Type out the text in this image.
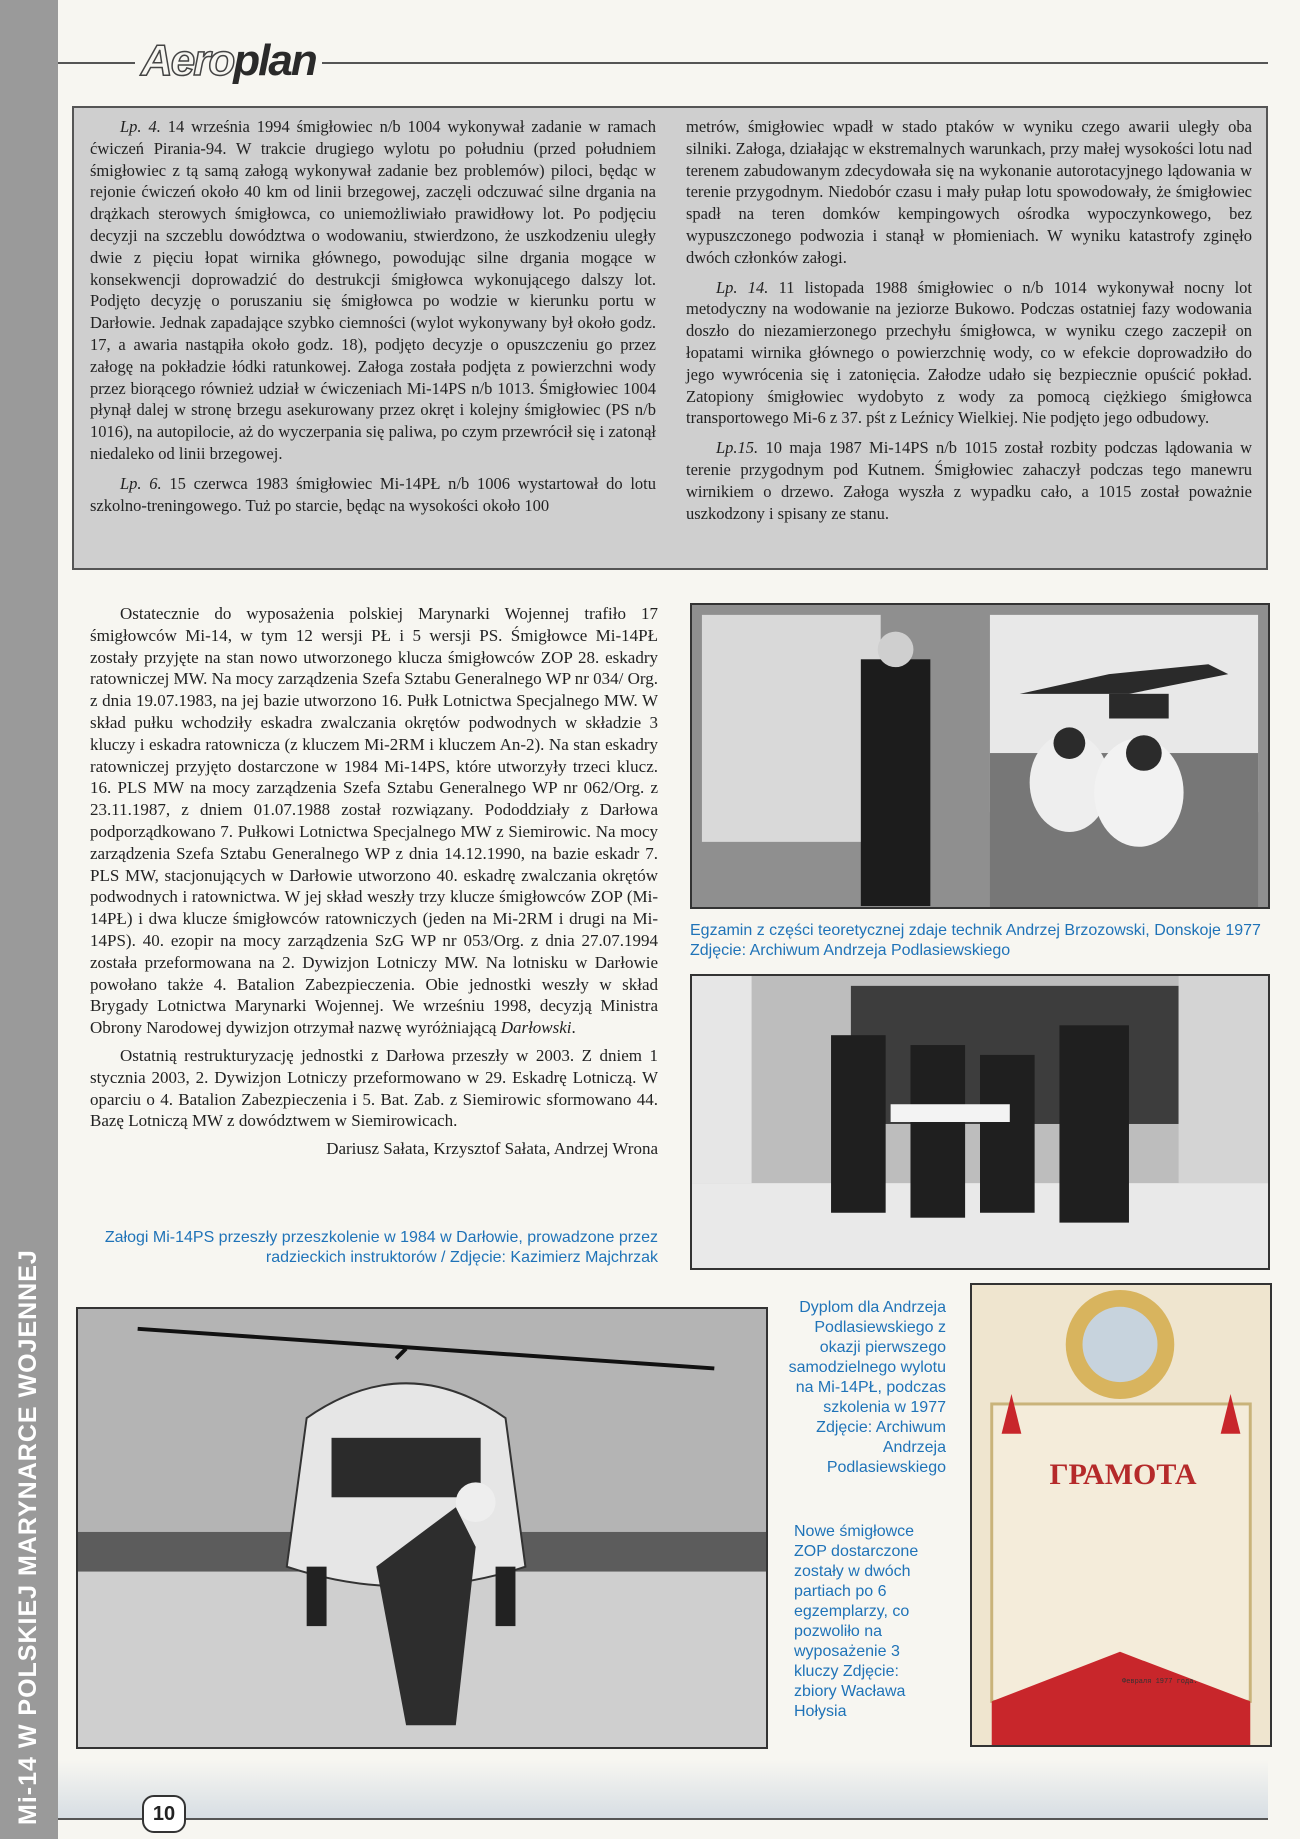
Mi-14 W POLSKIEJ MARYNARCE WOJENNEJ
Aeroplan

Lp. 4. 14 września 1994 śmigłowiec n/b 1004 wykonywał zadanie w ramach ćwiczeń Pirania-94. W trakcie drugiego wylotu po południu (przed południem śmigłowiec z tą samą załogą wykonywał zadanie bez problemów) piloci, będąc w rejonie ćwiczeń około 40 km od linii brzegowej, zaczęli odczuwać silne drgania na drążkach sterowych śmigłowca, co uniemożliwiało prawidłowy lot. Po podjęciu decyzji na szczeblu dowództwa o wodowaniu, stwierdzono, że uszkodzeniu uległy dwie z pięciu łopat wirnika głównego, powodując silne drgania mogące w konsekwencji doprowadzić do destrukcji śmigłowca wykonującego dalszy lot. Podjęto decyzję o poruszaniu się śmigłowca po wodzie w kierunku portu w Darłowie. Jednak zapadające szybko ciemności (wylot wykonywany był około godz. 17, a awaria nastąpiła około godz. 18), podjęto decyzje o opuszczeniu go przez załogę na pokładzie łódki ratunkowej. Załoga została podjęta z powierzchni wody przez biorącego również udział w ćwiczeniach Mi-14PS n/b 1013. Śmigłowiec 1004 płynął dalej w stronę brzegu asekurowany przez okręt i kolejny śmigłowiec (PS n/b 1016), na autopilocie, aż do wyczerpania się paliwa, po czym przewrócił się i zatonął niedaleko od linii brzegowej.

Lp. 6. 15 czerwca 1983 śmigłowiec Mi-14PŁ n/b 1006 wystartował do lotu szkolno-treningowego. Tuż po starcie, będąc na wysokości około 100

metrów, śmigłowiec wpadł w stado ptaków w wyniku czego awarii uległy oba silniki. Załoga, działając w ekstremalnych warunkach, przy małej wysokości lotu nad terenem zabudowanym zdecydowała się na wykonanie autorotacyjnego lądowania w terenie przygodnym. Niedobór czasu i mały pułap lotu spowodowały, że śmigłowiec spadł na teren domków kempingowych ośrodka wypoczynkowego, bez wypuszczonego podwozia i stanął w płomieniach. W wyniku katastrofy zginęło dwóch członków załogi.

Lp. 14. 11 listopada 1988 śmigłowiec o n/b 1014 wykonywał nocny lot metodyczny na wodowanie na jeziorze Bukowo. Podczas ostatniej fazy wodowania doszło do niezamierzonego przechyłu śmigłowca, w wyniku czego zaczepił on łopatami wirnika głównego o powierzchnię wody, co w efekcie doprowadziło do jego wywrócenia się i zatonięcia. Załodze udało się bezpiecznie opuścić pokład. Zatopiony śmigłowiec wydobyto z wody za pomocą ciężkiego śmigłowca transportowego Mi-6 z 37. pśt z Leźnicy Wielkiej. Nie podjęto jego odbudowy.

Lp.15. 10 maja 1987 Mi-14PS n/b 1015 został rozbity podczas lądowania w terenie przygodnym pod Kutnem. Śmigłowiec zahaczył podczas tego manewru wirnikiem o drzewo. Załoga wyszła z wypadku cało, a 1015 został poważnie uszkodzony i spisany ze stanu.

Ostatecznie do wyposażenia polskiej Marynarki Wojennej trafiło 17 śmigłowców Mi-14, w tym 12 wersji PŁ i 5 wersji PS. Śmigłowce Mi-14PŁ zostały przyjęte na stan nowo utworzonego klucza śmigłowców ZOP 28. eskadry ratowniczej MW. Na mocy zarządzenia Szefa Sztabu Generalnego WP nr 034/ Org. z dnia 19.07.1983, na jej bazie utworzono 16. Pułk Lotnictwa Specjalnego MW. W skład pułku wchodziły eskadra zwalczania okrętów podwodnych w składzie 3 kluczy i eskadra ratownicza (z kluczem Mi-2RM i kluczem An-2). Na stan eskadry ratowniczej przyjęto dostarczone w 1984 Mi-14PS, które utworzyły trzeci klucz. 16. PLS MW na mocy zarządzenia Szefa Sztabu Generalnego WP nr 062/Org. z 23.11.1987, z dniem 01.07.1988 został rozwiązany. Pododdziały z Darłowa podporządkowano 7. Pułkowi Lotnictwa Specjalnego MW z Siemirowic. Na mocy zarządzenia Szefa Sztabu Generalnego WP z dnia 14.12.1990, na bazie eskadr 7. PLS MW, stacjonujących w Darłowie utworzono 40. eskadrę zwalczania okrętów podwodnych i ratownictwa. W jej skład weszły trzy klucze śmigłowców ZOP (Mi-14PŁ) i dwa klucze śmigłowców ratowniczych (jeden na Mi-2RM i drugi na Mi-14PS). 40. ezopir na mocy zarządzenia SzG WP nr 053/Org. z dnia 27.07.1994 została przeformowana na 2. Dywizjon Lotniczy MW. Na lotnisku w Darłowie powołano także 4. Batalion Zabezpieczenia. Obie jednostki weszły w skład Brygady Lotnictwa Marynarki Wojennej. We wrześniu 1998, decyzją Ministra Obrony Narodowej dywizjon otrzymał nazwę wyróżniającą Darłowski.

Ostatnią restrukturyzację jednostki z Darłowa przeszły w 2003. Z dniem 1 stycznia 2003, 2. Dywizjon Lotniczy przeformowano w 29. Eskadrę Lotniczą. W oparciu o 4. Batalion Zabezpieczenia i 5. Bat. Zab. z Siemirowic sformowano 44. Bazę Lotniczą MW z dowództwem w Siemirowicach.

Dariusz Sałata, Krzysztof Sałata, Andrzej Wrona
Egzamin z części teoretycznej zdaje technik Andrzej Brzozowski, Donskoje 1977 Zdjęcie: Archiwum Andrzeja Podlasiewskiego
Załogi Mi-14PS przeszły przeszkolenie w 1984 w Darłowie, prowadzone przez radzieckich instruktorów / Zdjęcie: Kazimierz Majchrzak
Dyplom dla Andrzeja Podlasiewskiego z okazji pierwszego samodzielnego wylotu na Mi-14PŁ, podczas szkolenia w 1977 Zdjęcie: Archiwum Andrzeja Podlasiewskiego
Nowe śmigłowce ZOP dostarczone zostały w dwóch partiach po 6 egzemplarzy, co pozwoliło na wyposażenie 3 kluczy Zdjęcie: zbiory Wacława Hołysia
ГРАМОТА
Февраля 1977 года.
10
